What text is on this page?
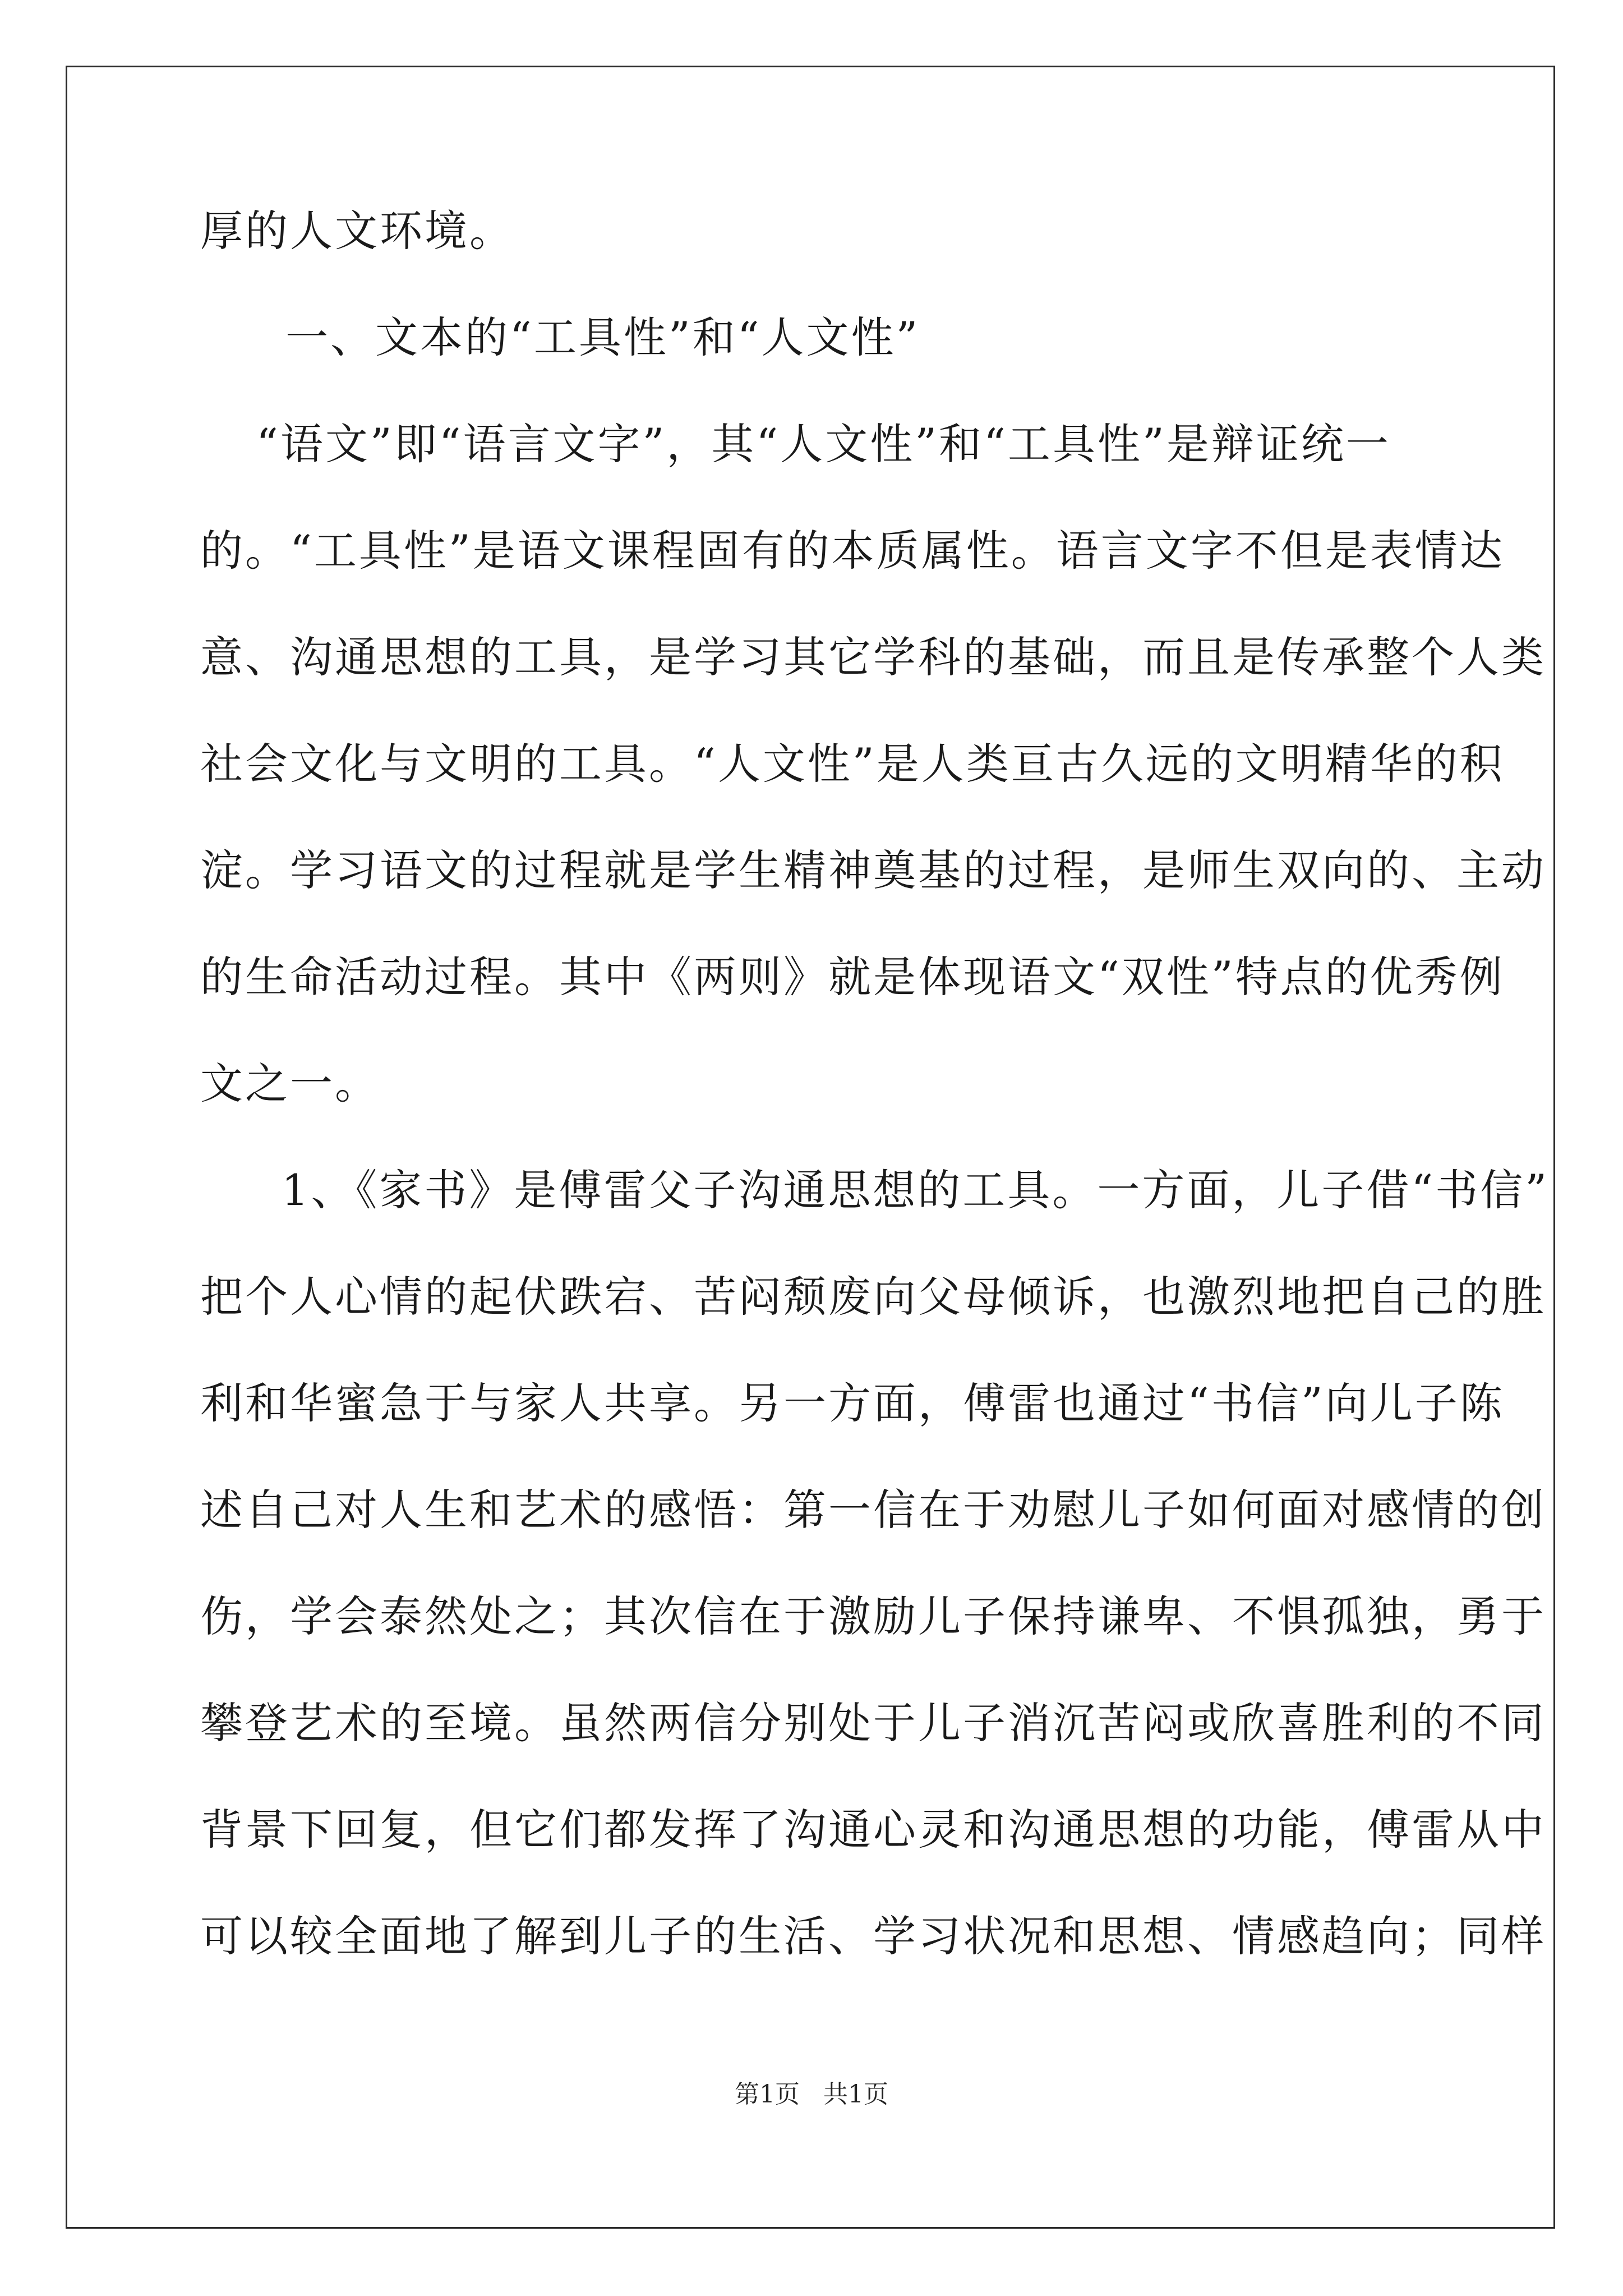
厚的人文环境。
一、文本的“工具性”和“人文性”
“语文”即“语言文字”，其“人文性”和“工具性”是辩证统一
的。“工具性”是语文课程固有的本质属性。语言文字不但是表情达
意、沟通思想的工具，是学习其它学科的基础，而且是传承整个人类
社会文化与文明的工具。“人文性”是人类亘古久远的文明精华的积
淀。学习语文的过程就是学生精神奠基的过程，是师生双向的、主动
的生命活动过程。其中《两则》就是体现语文“双性”特点的优秀例
文之一。
1、《家书》是傅雷父子沟通思想的工具。一方面，儿子借“书信”
把个人心情的起伏跌宕、苦闷颓废向父母倾诉，也激烈地把自己的胜
利和华蜜急于与家人共享。另一方面，傅雷也通过“书信”向儿子陈
述自己对人生和艺术的感悟：第一信在于劝慰儿子如何面对感情的创
伤，学会泰然处之；其次信在于激励儿子保持谦卑、不惧孤独，勇于
攀登艺术的至境。虽然两信分别处于儿子消沉苦闷或欣喜胜利的不同
背景下回复，但它们都发挥了沟通心灵和沟通思想的功能，傅雷从中
可以较全面地了解到儿子的生活、学习状况和思想、情感趋向；同样
第1页   共1页
